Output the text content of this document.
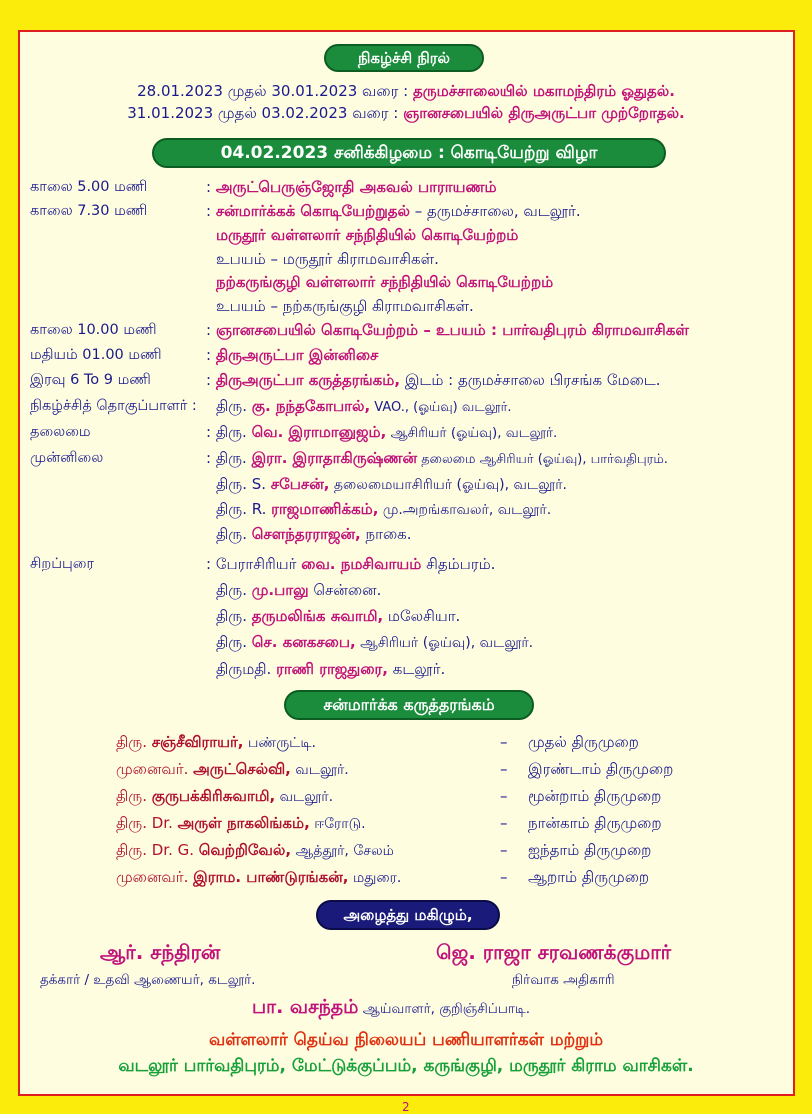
நிகழ்ச்சி நிரல்
28.01.2023 முதல் 30.01.2023 வரை : தருமச்சாலையில் மகாமந்திரம் ஓதுதல்.
31.01.2023 முதல் 03.02.2023 வரை : ஞானசபையில் திருஅருட்பா முற்றோதல்.
04.02.2023 சனிக்கிழமை : கொடியேற்று விழா
காலை 5.00 மணி	: அருட்பெருஞ்ஜோதி அகவல் பாராயணம்
காலை 7.30 மணி	: சன்மார்க்கக் கொடியேற்றுதல் – தருமச்சாலை, வடலூர்.
மருதூர் வள்ளலார் சந்நிதியில் கொடியேற்றம்
உபயம் – மருதூர் கிராமவாசிகள்.
நற்கருங்குழி வள்ளலார் சந்நிதியில் கொடியேற்றம்
உபயம் – நற்கருங்குழி கிராமவாசிகள்.
காலை 10.00 மணி	: ஞானசபையில் கொடியேற்றம் – உபயம் : பார்வதிபுரம் கிராமவாசிகள்
மதியம் 01.00 மணி	: திருஅருட்பா இன்னிசை
இரவு 6 To 9 மணி	: திருஅருட்பா கருத்தரங்கம், இடம் : தருமச்சாலை பிரசங்க மேடை.
நிகழ்ச்சித் தொகுப்பாளர் : திரு. கு. நந்தகோபால், VAO., (ஓய்வு) வடலூர்.
தலைமை	: திரு. வெ. இராமானுஜம், ஆசிரியர் (ஓய்வு), வடலூர்.
முன்னிலை	: திரு. இரா. இராதாகிருஷ்ணன் தலைமை ஆசிரியர் (ஓய்வு), பார்வதிபுரம்.
திரு. S. சபேசன், தலைமையாசிரியர் (ஓய்வு), வடலூர்.
திரு. R. ராஜமாணிக்கம், மு.அறங்காவலர், வடலூர்.
திரு. சௌந்தரராஜன், நாகை.
சிறப்புரை	: பேராசிரியர் வை. நமசிவாயம் சிதம்பரம்.
திரு. மு.பாலு சென்னை.
திரு. தருமலிங்க சுவாமி, மலேசியா.
திரு. செ. கனகசபை, ஆசிரியர் (ஓய்வு), வடலூர்.
திருமதி. ராணி ராஜதுரை, கடலூர்.
சன்மார்க்க கருத்தரங்கம்
திரு. சஞ்சீவிராயர், பண்ருட்டி.	– முதல் திருமுறை
முனைவர். அருட்செல்வி, வடலூர்.	– இரண்டாம் திருமுறை
திரு. குருபக்கிரிசுவாமி, வடலூர்.	– மூன்றாம் திருமுறை
திரு. Dr. அருள் நாகலிங்கம், ஈரோடு.	– நான்காம் திருமுறை
திரு. Dr. G. வெற்றிவேல், ஆத்தூர், சேலம்	– ஐந்தாம் திருமுறை
முனைவர். இராம. பாண்டுரங்கன், மதுரை.	– ஆறாம் திருமுறை
அழைத்து மகிழும்,
ஆர். சந்திரன்
தக்கார் / உதவி ஆணையர், கடலூர்.
ஜெ. ராஜா சரவணக்குமார்
நிர்வாக அதிகாரி
பா. வசந்தம் ஆய்வாளர், குறிஞ்சிப்பாடி.
வள்ளலார் தெய்வ நிலையப் பணியாளர்கள் மற்றும்
வடலூர் பார்வதிபுரம், மேட்டுக்குப்பம், கருங்குழி, மருதூர் கிராம வாசிகள்.
2
